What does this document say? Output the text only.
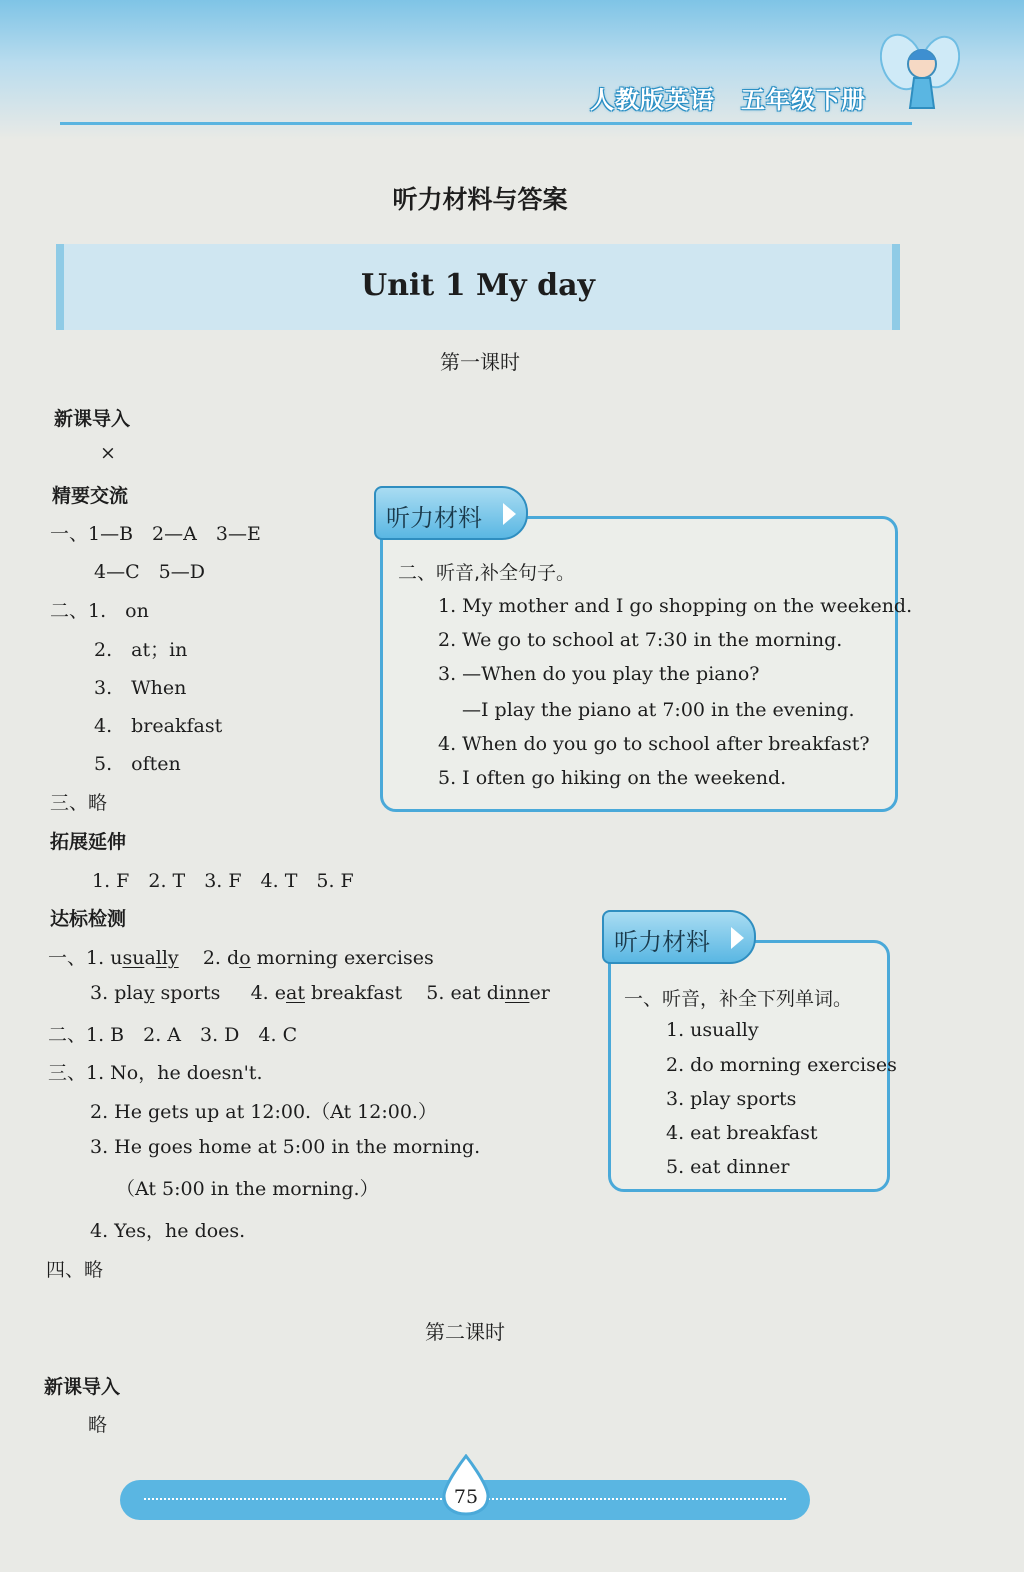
人教版英语 五年级下册
听力材料与答案
Unit 1 My day
第一课时
新课导入
×
精要交流
一、1—B　2—A　3—E
4—C　5—D
二、1.　on
2.　at；in
3.　When
4.　breakfast
5.　often
三、略
拓展延伸
1. F　2. T　3. F　4. T　5. F
达标检测
一、1. usually 2. do morning exercises
3. play sports 4. eat breakfast 5. eat dinner
二、1. B　2. A　3. D　4. C
三、1. No，he doesn't.
2. He gets up at 12:00.（At 12:00.）
3. He goes home at 5:00 in the morning.
（At 5:00 in the morning.）
4. Yes，he does.
四、略
听力材料
二、听音,补全句子。
1. My mother and I go shopping on the weekend.
2. We go to school at 7:30 in the morning.
3. —When do you play the piano?
—I play the piano at 7:00 in the evening.
4. When do you go to school after breakfast?
5. I often go hiking on the weekend.
听力材料
一、听音，补全下列单词。
1. usually
2. do morning exercises
3. play sports
4. eat breakfast
5. eat dinner
第二课时
新课导入
略
75
